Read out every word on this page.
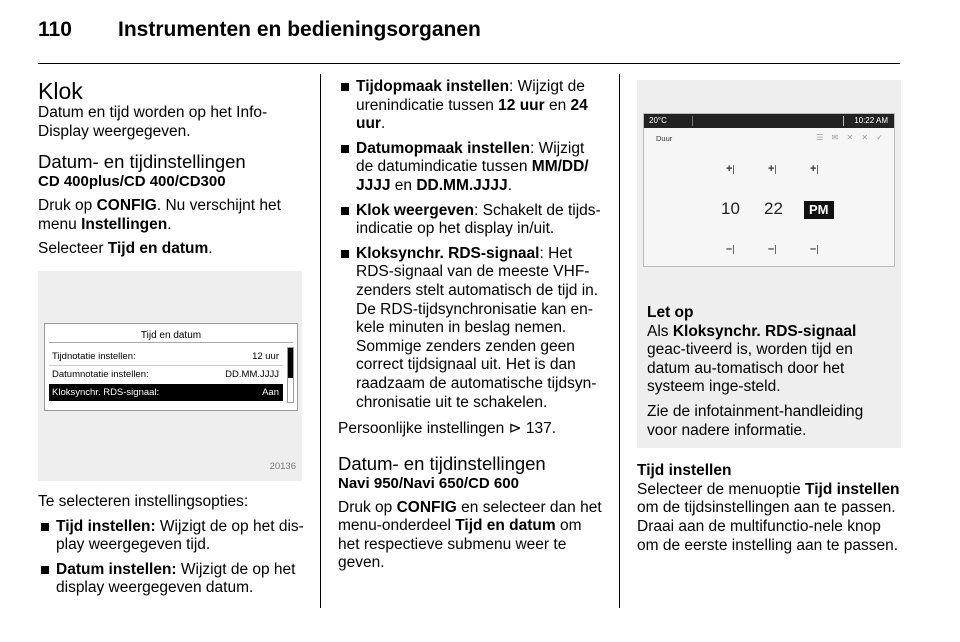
110 Instrumenten en bedieningsorganen
Klok

Datum en tijd worden op het Info-Display weergegeven.

Datum- en tijdinstellingen
CD 400plus/CD 400/CD300

Druk op CONFIG. Nu verschijnt het menu Instellingen.

Selecteer Tijd en datum.

Tijd en datum
Tijdnotatie instellen:	12 uur
Datumnotatie instellen:	DD.MM.JJJJ
Kloksynchr. RDS-signaal:	Aan
20136

Te selecteren instellingsopties:

Tijd instellen: Wijzigt de op het dis-play weergegeven tijd.
Datum instellen: Wijzigt de op het display weergegeven datum.
Tijdopmaak instellen: Wijzigt de urenindicatie tussen 12 uur en 24 uur.
Datumopmaak instellen: Wijzigt de datumindicatie tussen MM/DD/ JJJJ en DD.MM.JJJJ.
Klok weergeven: Schakelt de tijds-indicatie op het display in/uit.
Kloksynchr. RDS-signaal: Het RDS-signaal van de meeste VHF-zenders stelt automatisch de tijd in. De RDS-tijdsynchronisatie kan en-kele minuten in beslag nemen. Sommige zenders zenden geen correct tijdsignaal uit. Het is dan raadzaam de automatische tijdsyn-chronisatie uit te schakelen.

Persoonlijke instellingen ⊳ 137.

Datum- en tijdinstellingen
Navi 950/Navi 650/CD 600

Druk op CONFIG en selecteer dan het menu-onderdeel Tijd en datum om het respectieve submenu weer te geven.

20°C	10:22 AM
Duur	☰ ✉ ✕ ✕ ✓
+	+	+
10 22	PM
–	–	–
Let op

Als Kloksynchr. RDS-signaal geac-tiveerd is, worden tijd en datum au-tomatisch door het systeem inge-steld.

Zie de infotainment-handleiding voor nadere informatie.

Tijd instellen

Selecteer de menuoptie Tijd instellen om de tijdsinstellingen aan te passen. Draai aan de multifunctio-nele knop om de eerste instelling aan te passen.
